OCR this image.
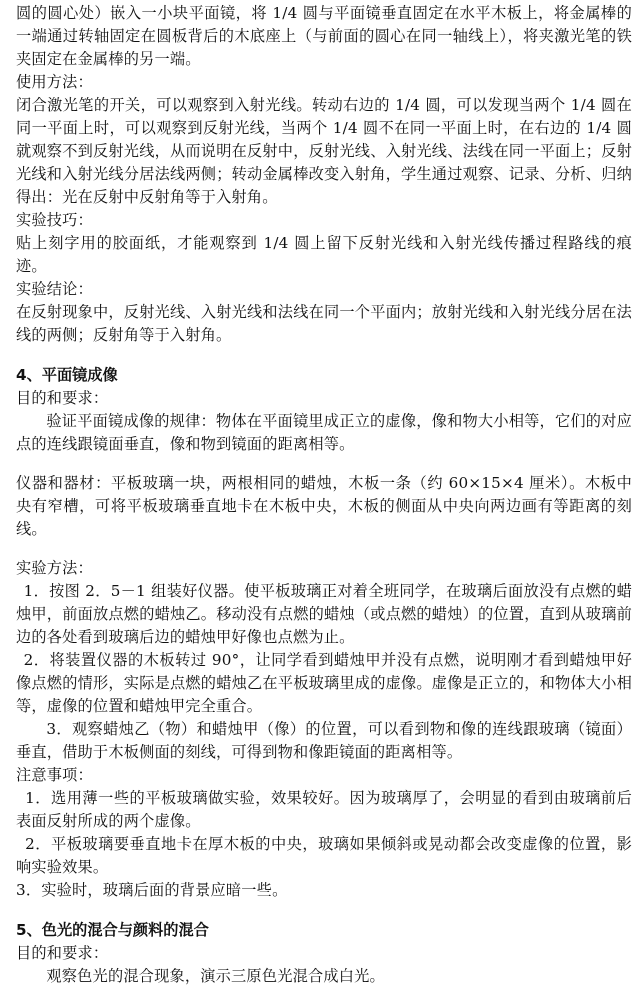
圆的圆心处）嵌入一小块平面镜，将 1/4 圆与平面镜垂直固定在水平木板上，将金属棒的一端通过转轴固定在圆板背后的木底座上（与前面的圆心在同一轴线上），将夹激光笔的铁夹固定在金属棒的另一端。

使用方法：

闭合激光笔的开关，可以观察到入射光线。转动右边的 1/4 圆，可以发现当两个 1/4 圆在同一平面上时，可以观察到反射光线，当两个 1/4 圆不在同一平面上时，在右边的 1/4 圆就观察不到反射光线，从而说明在反射中，反射光线、入射光线、法线在同一平面上；反射光线和入射光线分居法线两侧；转动金属棒改变入射角，学生通过观察、记录、分析、归纳得出：光在反射中反射角等于入射角。

实验技巧：

贴上刻字用的胶面纸，才能观察到 1/4 圆上留下反射光线和入射光线传播过程路线的痕迹。

实验结论：

在反射现象中，反射光线、入射光线和法线在同一个平面内；放射光线和入射光线分居在法线的两侧；反射角等于入射角。

4、平面镜成像

目的和要求：

验证平面镜成像的规律：物体在平面镜里成正立的虚像，像和物大小相等，它们的对应点的连线跟镜面垂直，像和物到镜面的距离相等。

仪器和器材：平板玻璃一块，两根相同的蜡烛，木板一条（约 60×15×4 厘米）。木板中央有窄槽，可将平板玻璃垂直地卡在木板中央，木板的侧面从中央向两边画有等距离的刻线。

实验方法：

1．按图 2．5－1 组装好仪器。使平板玻璃正对着全班同学，在玻璃后面放没有点燃的蜡烛甲，前面放点燃的蜡烛乙。移动没有点燃的蜡烛（或点燃的蜡烛）的位置，直到从玻璃前边的各处看到玻璃后边的蜡烛甲好像也点燃为止。

2．将装置仪器的木板转过 90°，让同学看到蜡烛甲并没有点燃，说明刚才看到蜡烛甲好像点燃的情形，实际是点燃的蜡烛乙在平板玻璃里成的虚像。虚像是正立的，和物体大小相等，虚像的位置和蜡烛甲完全重合。

3．观察蜡烛乙（物）和蜡烛甲（像）的位置，可以看到物和像的连线跟玻璃（镜面）垂直，借助于木板侧面的刻线，可得到物和像距镜面的距离相等。

注意事项：

1．选用薄一些的平板玻璃做实验，效果较好。因为玻璃厚了，会明显的看到由玻璃前后表面反射所成的两个虚像。

2．平板玻璃要垂直地卡在厚木板的中央，玻璃如果倾斜或晃动都会改变虚像的位置，影响实验效果。

3．实验时，玻璃后面的背景应暗一些。

5、色光的混合与颜料的混合

目的和要求：

观察色光的混合现象，演示三原色光混合成白光。
